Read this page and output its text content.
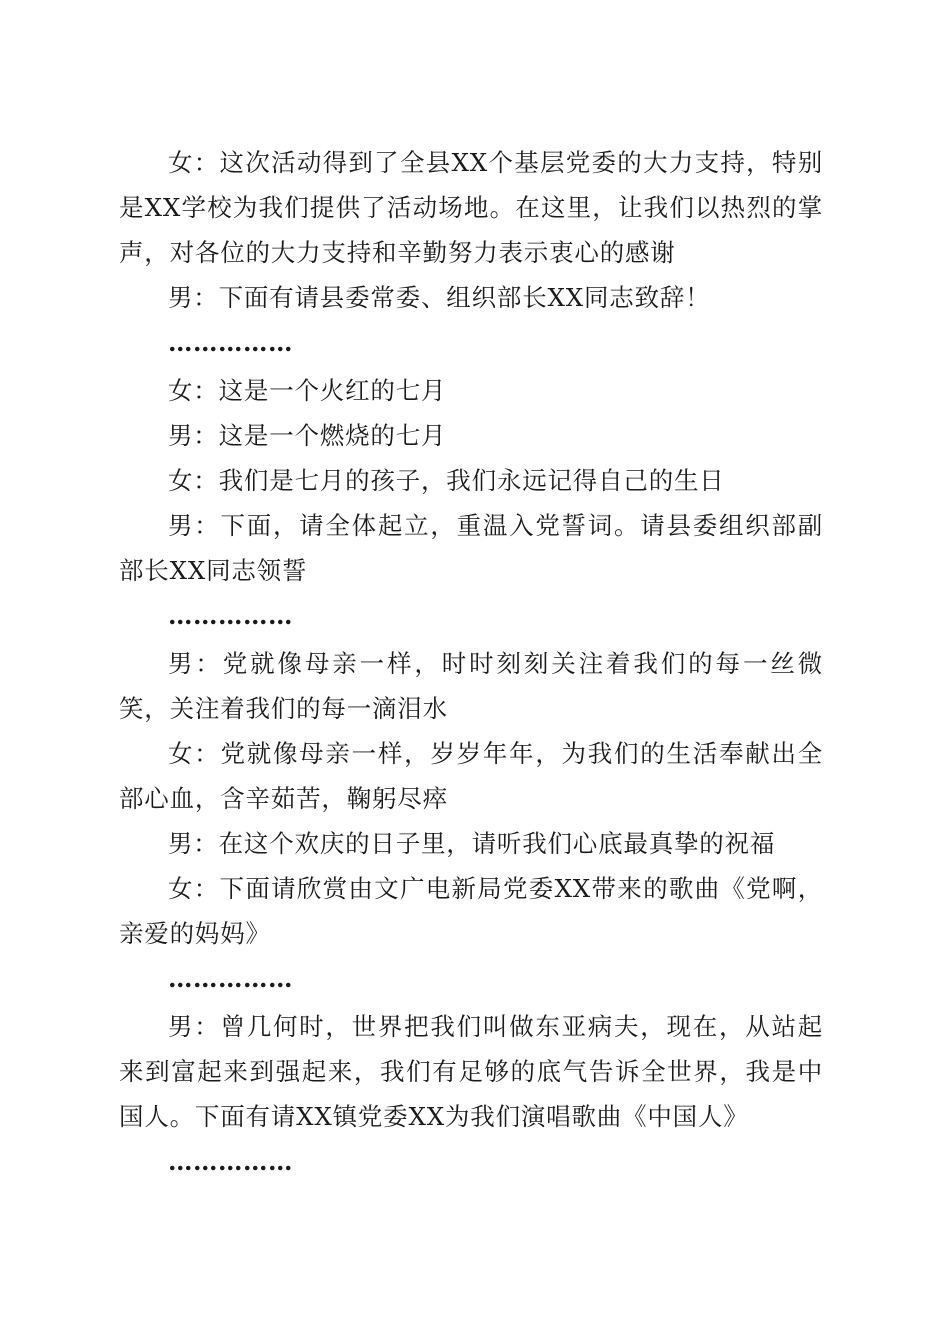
女：这次活动得到了全县XX个基层党委的大力支持，特别是XX学校为我们提供了活动场地。在这里，让我们以热烈的掌声，对各位的大力支持和辛勤努力表示衷心的感谢

男：下面有请县委常委、组织部长XX同志致辞！

……………

女：这是一个火红的七月

男：这是一个燃烧的七月

女：我们是七月的孩子，我们永远记得自己的生日

男：下面，请全体起立，重温入党誓词。请县委组织部副部长XX同志领誓

……………

男：党就像母亲一样，时时刻刻关注着我们的每一丝微笑，关注着我们的每一滴泪水

女：党就像母亲一样，岁岁年年，为我们的生活奉献出全部心血，含辛茹苦，鞠躬尽瘁

男：在这个欢庆的日子里，请听我们心底最真挚的祝福

女：下面请欣赏由文广电新局党委XX带来的歌曲《党啊，亲爱的妈妈》

……………

男：曾几何时，世界把我们叫做东亚病夫，现在，从站起来到富起来到强起来，我们有足够的底气告诉全世界，我是中国人。下面有请XX镇党委XX为我们演唱歌曲《中国人》

……………
